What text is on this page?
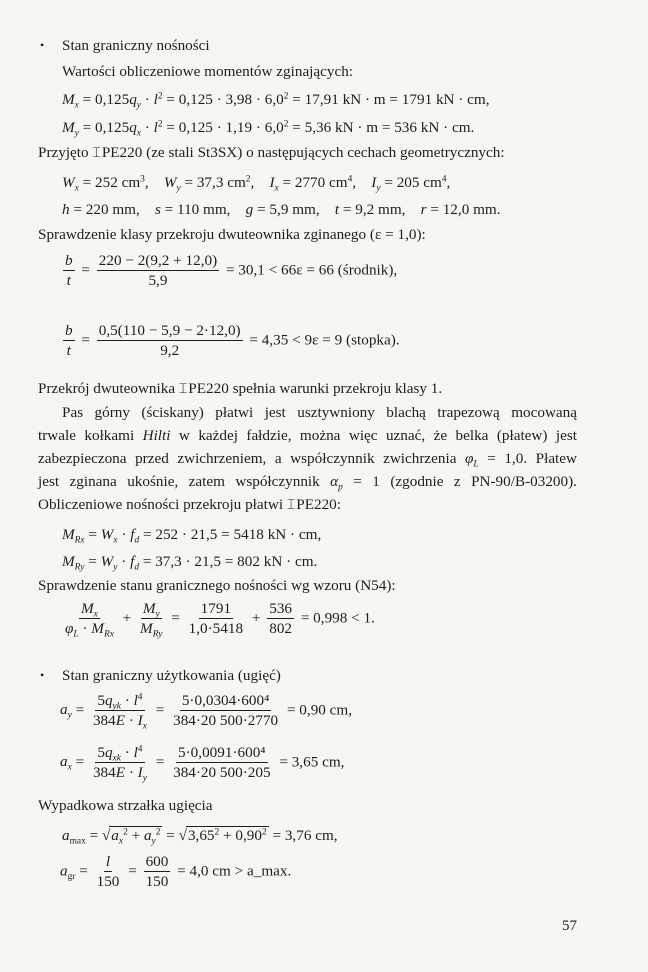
• Stan graniczny nośności
Wartości obliczeniowe momentów zginających:
$M_x = 0,125q_y \cdot l^2 = 0,125 \cdot 3,98 \cdot 6,0^2 = 17,91$ kN · m = 1791 kN · cm,
$M_y = 0,125q_x \cdot l^2 = 0,125 \cdot 1,19 \cdot 6,0^2 = 5,36$ kN · m = 536 kN · cm.
Przyjęto ⌶PE220 (ze stali St3SX) o następujących cechach geometrycznych:
$W_x = 252$ $cm^3$,    $W_y = 37,3$ $cm^2$,    $I_x = 2770$ $cm^4$,    $I_y = 205$ $cm^4$,
h = 220 mm,    s = 110 mm,    g = 5,9 mm,    t = 9,2 mm,    r = 12,0 mm.
Sprawdzenie klasy przekroju dwuteownika zginanego (ε = 1,0):
$\frac{b}{t} = \frac{220 - 2(9,2 + 12,0)}{5,9} = 30,1 < 66\varepsilon = 66$ (środnik),
$\frac{b}{t} = \frac{0,5(110 - 5,9 - 2\cdot 12,0)}{9,2} = 4,35 < 9\varepsilon = 9$ (stopka).
Przekrój dwuteownika ⌶PE220 spełnia warunki przekroju klasy 1.
Pas górny (ściskany) płatwi jest usztywniony blachą trapezową mocowaną
trwale kołkami Hilti w każdej fałdzie, można więc uznać, że belka (płatew) jest
zabezpieczona przed zwichrzeniem, a współczynnik zwichrzenia $\varphi_L = 1,0$. Płatew
jest zginana ukośnie, zatem współczynnik $\alpha_p = 1$ (zgodnie z PN-90/B-03200).
Obliczeniowe nośności przekroju płatwi ⌶PE220:
$M_{Rx} = W_x \cdot f_d = 252 \cdot 21,5 = 5418$ kN · cm,
$M_{Ry} = W_y \cdot f_d = 37,3 \cdot 21,5 = 802$ kN · cm.
Sprawdzenie stanu granicznego nośności wg wzoru (N54):
$\frac{M_x}{\varphi_L \cdot M_{Rx}} + \frac{M_y}{M_{Ry}} = \frac{1791}{1,0\cdot 5418} + \frac{536}{802} = 0,998 < 1$.
• Stan graniczny użytkowania (ugięć)
$a_y = \frac{5q_{yk} \cdot l^4}{384E \cdot I_x} = \frac{\text{5·0,0304·600⁴}}{384\cdot 20 500\cdot 2770} = 0,90$ cm,
$a_x = \frac{5q_{xk} \cdot l^4}{384E \cdot I_y} = \frac{\text{5·0,0091·600⁴}}{384\cdot 20 500\cdot 205} = 3,65$ cm,
Wypadkowa strzałka ugięcia
$a_{max} = √a_x^2 + a_y^2 = √3,65^2 + 0,90^2 = 3,76$ cm,
$a_{gr} = \frac{l}{150} = \frac{600}{150} = 4,0$ cm > a_max.
57
